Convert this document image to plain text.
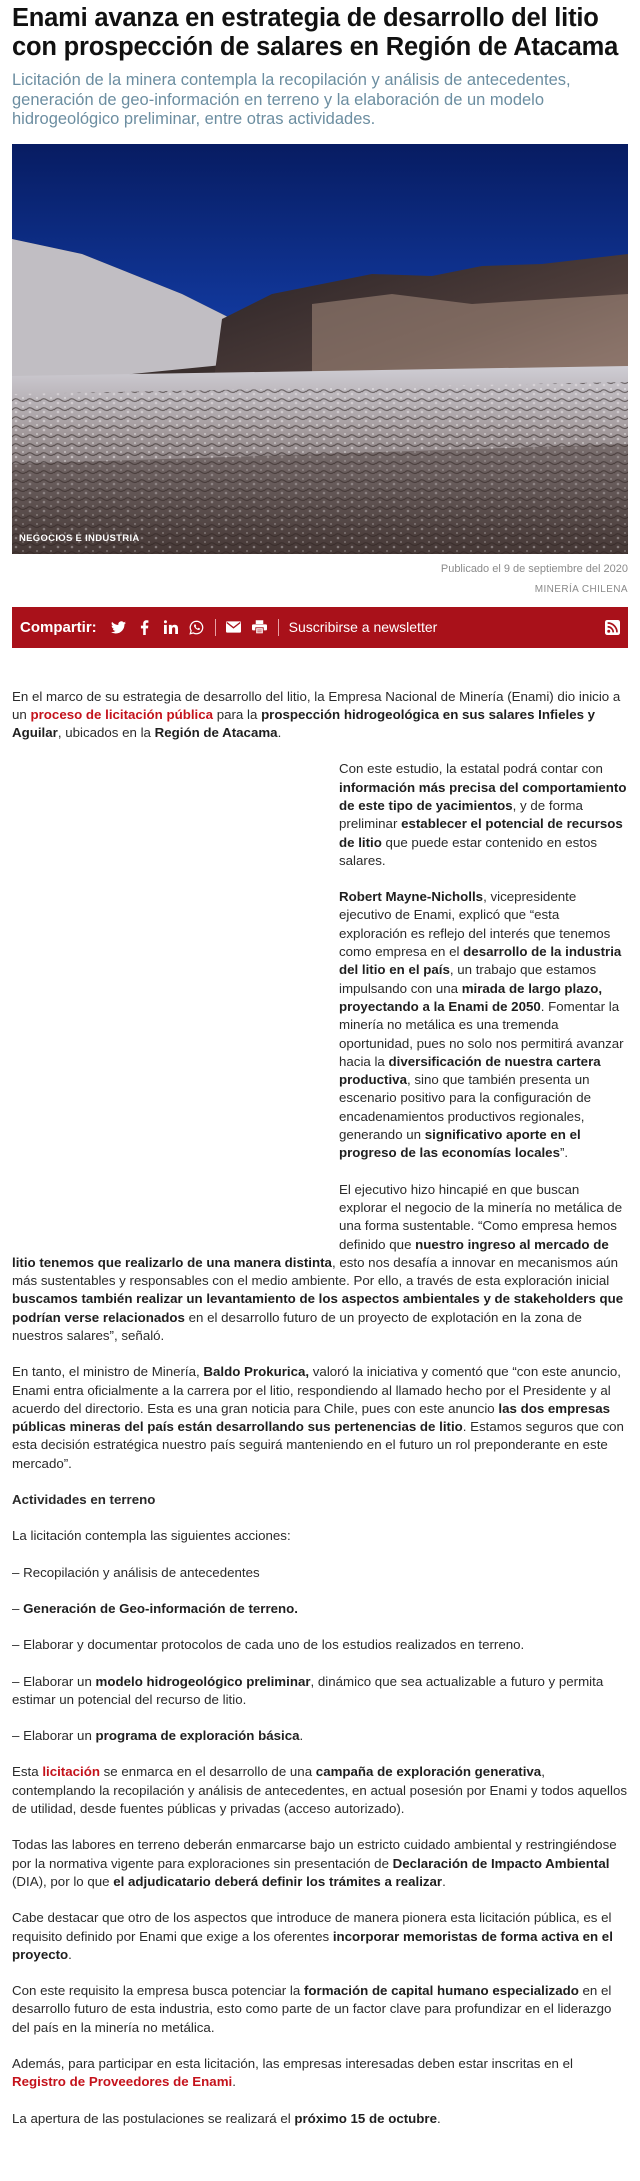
Enami avanza en estrategia de desarrollo del litio con prospección de salares en Región de Atacama

Licitación de la minera contempla la recopilación y análisis de antecedentes, generación de geo-información en terreno y la elaboración de un modelo hidrogeológico preliminar, entre otras actividades.

NEGOCIOS E INDUSTRIA
Publicado el 9 de septiembre del 2020
MINERÍA CHILENA
Compartir:	Suscribirse a newsletter

En el marco de su estrategia de desarrollo del litio, la Empresa Nacional de Minería (Enami) dio inicio a un proceso de licitación pública para la prospección hidrogeológica en sus salares Infieles y Aguilar, ubicados en la Región de Atacama.

Con este estudio, la estatal podrá contar con información más precisa del comportamiento de este tipo de yacimientos, y de forma preliminar establecer el potencial de recursos de litio que puede estar contenido en estos salares.

Robert Mayne-Nicholls, vicepresidente ejecutivo de Enami, explicó que “esta exploración es reflejo del interés que tenemos como empresa en el desarrollo de la industria del litio en el país, un trabajo que estamos impulsando con una mirada de largo plazo, proyectando a la Enami de 2050. Fomentar la minería no metálica es una tremenda oportunidad, pues no solo nos permitirá avanzar hacia la diversificación de nuestra cartera productiva, sino que también presenta un escenario positivo para la configuración de encadenamientos productivos regionales, generando un significativo aporte en el progreso de las economías locales”.

El ejecutivo hizo hincapié en que buscan explorar el negocio de la minería no metálica de una forma sustentable. “Como empresa hemos definido que nuestro ingreso al mercado de litio tenemos que realizarlo de una manera distinta, esto nos desafía a innovar en mecanismos aún más sustentables y responsables con el medio ambiente. Por ello, a través de esta exploración inicial buscamos también realizar un levantamiento de los aspectos ambientales y de stakeholders que podrían verse relacionados en el desarrollo futuro de un proyecto de explotación en la zona de nuestros salares”, señaló.

En tanto, el ministro de Minería, Baldo Prokurica, valoró la iniciativa y comentó que “con este anuncio, Enami entra oficialmente a la carrera por el litio, respondiendo al llamado hecho por el Presidente y al acuerdo del directorio. Esta es una gran noticia para Chile, pues con este anuncio las dos empresas públicas mineras del país están desarrollando sus pertenencias de litio. Estamos seguros que con esta decisión estratégica nuestro país seguirá manteniendo en el futuro un rol preponderante en este mercado”.

Actividades en terreno

La licitación contempla las siguientes acciones:

– Recopilación y análisis de antecedentes

– Generación de Geo-información de terreno.

– Elaborar y documentar protocolos de cada uno de los estudios realizados en terreno.

– Elaborar un modelo hidrogeológico preliminar, dinámico que sea actualizable a futuro y permita estimar un potencial del recurso de litio.

– Elaborar un programa de exploración básica.

Esta licitación se enmarca en el desarrollo de una campaña de exploración generativa, contemplando la recopilación y análisis de antecedentes, en actual posesión por Enami y todos aquellos de utilidad, desde fuentes públicas y privadas (acceso autorizado).

Todas las labores en terreno deberán enmarcarse bajo un estricto cuidado ambiental y restringiéndose por la normativa vigente para exploraciones sin presentación de Declaración de Impacto Ambiental (DIA), por lo que el adjudicatario deberá definir los trámites a realizar.

Cabe destacar que otro de los aspectos que introduce de manera pionera esta licitación pública, es el requisito definido por Enami que exige a los oferentes incorporar memoristas de forma activa en el proyecto.

Con este requisito la empresa busca potenciar la formación de capital humano especializado en el desarrollo futuro de esta industria, esto como parte de un factor clave para profundizar en el liderazgo del país en la minería no metálica.

Además, para participar en esta licitación, las empresas interesadas deben estar inscritas en el Registro de Proveedores de Enami.

La apertura de las postulaciones se realizará el próximo 15 de octubre.
